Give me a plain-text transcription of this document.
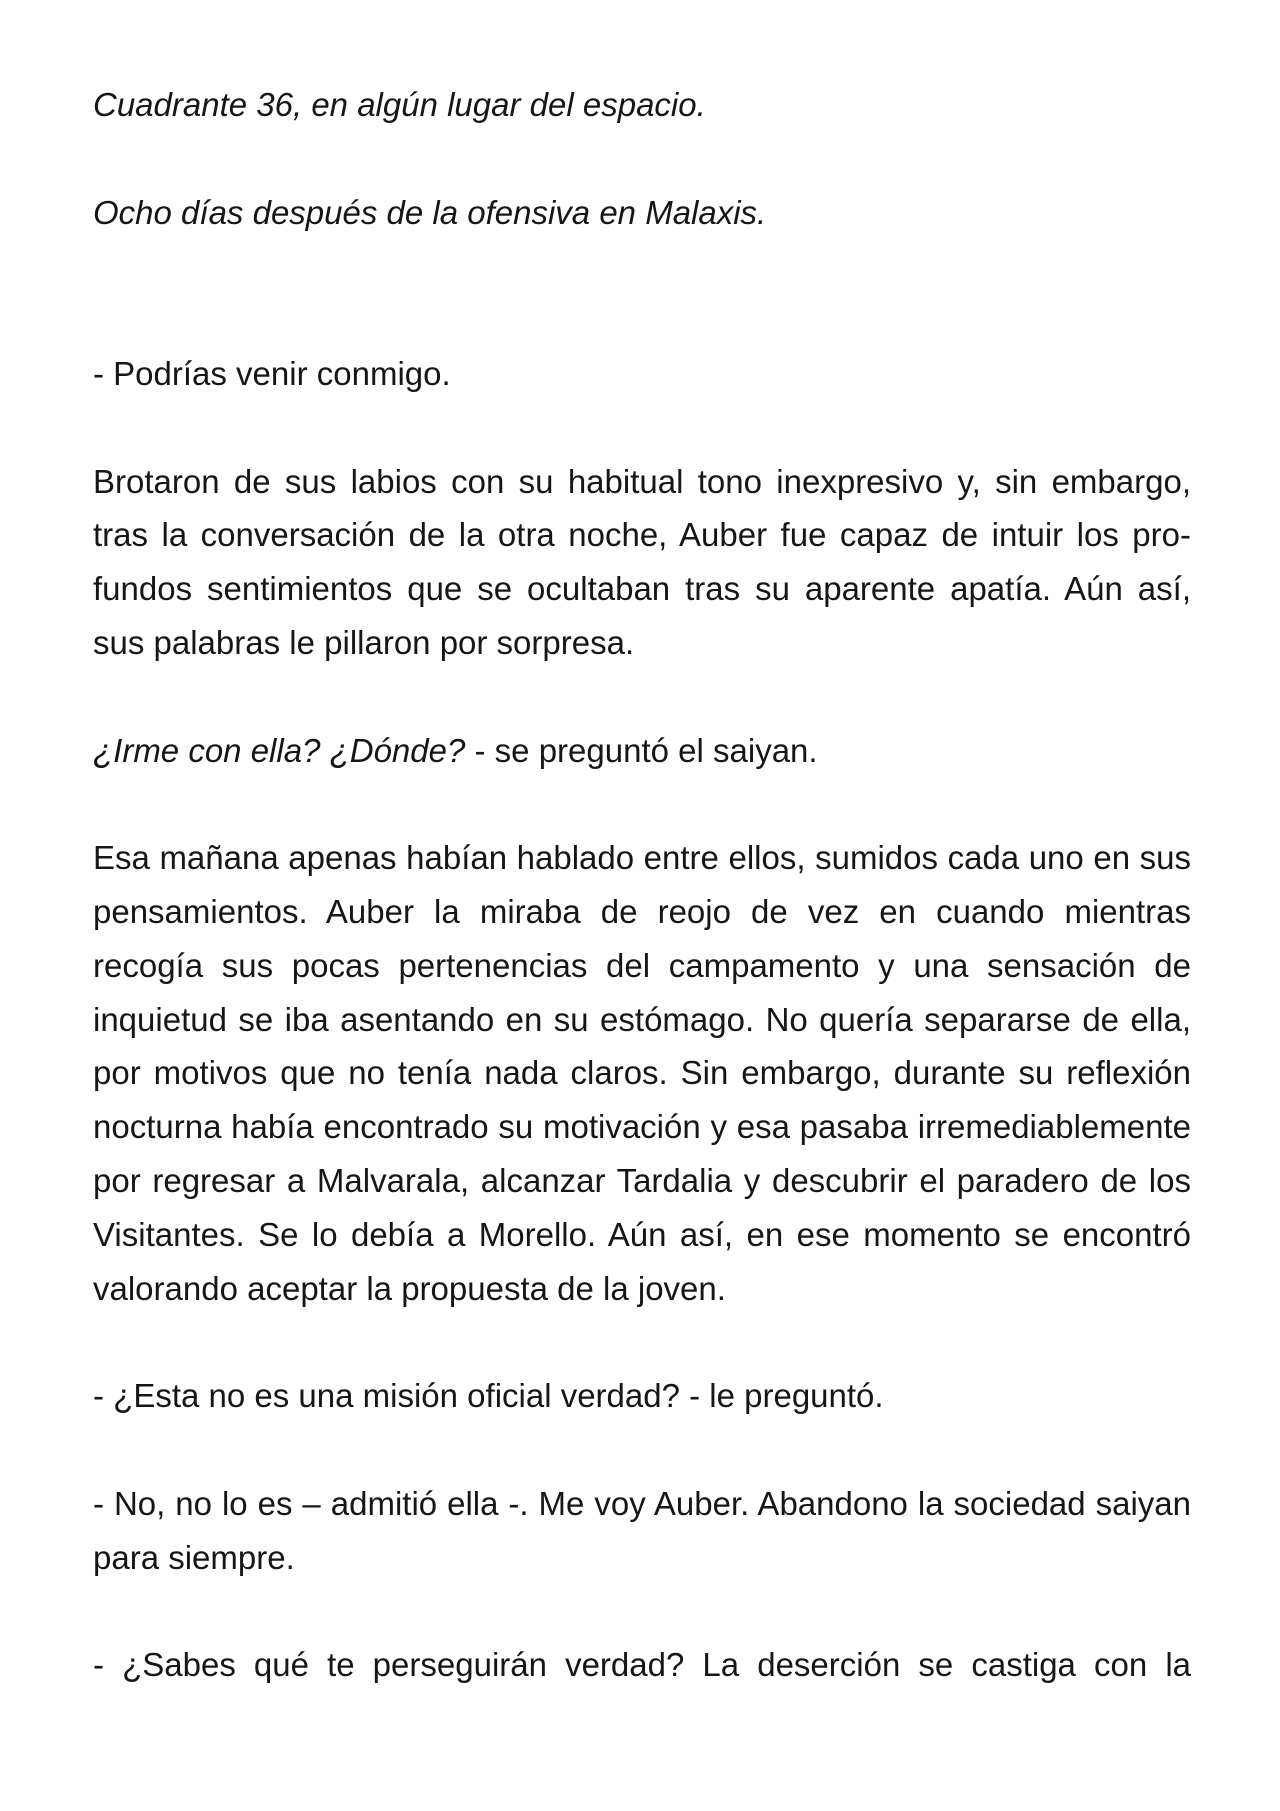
Cuadrante 36, en algún lugar del espacio.

Ocho días después de la ofensiva en Malaxis.

- Podrías venir conmigo.

Brotaron de sus labios con su habitual tono inexpresivo y, sin embargo, tras la conversación de la otra noche, Auber fue capaz de intuir los profundos sentimientos que se ocultaban tras su aparente apatía. Aún así, sus palabras le pillaron por sorpresa.

¿Irme con ella? ¿Dónde? - se preguntó el saiyan.

Esa mañana apenas habían hablado entre ellos, sumidos cada uno en sus pensamientos. Auber la miraba de reojo de vez en cuando mientras recogía sus pocas pertenencias del campamento y una sensación de inquietud se iba asentando en su estómago. No quería separarse de ella, por motivos que no tenía nada claros. Sin embargo, durante su reflexión nocturna había encontrado su motivación y esa pasaba irremediablemente por regresar a Malvarala, alcanzar Tardalia y descubrir el paradero de los Visitantes. Se lo debía a Morello. Aún así, en ese momento se encontró valorando aceptar la propuesta de la joven.

- ¿Esta no es una misión oficial verdad? - le preguntó.

- No, no lo es – admitió ella -. Me voy Auber. Abandono la sociedad saiyan para siempre.

- ¿Sabes qué te perseguirán verdad? La deserción se castiga con la
